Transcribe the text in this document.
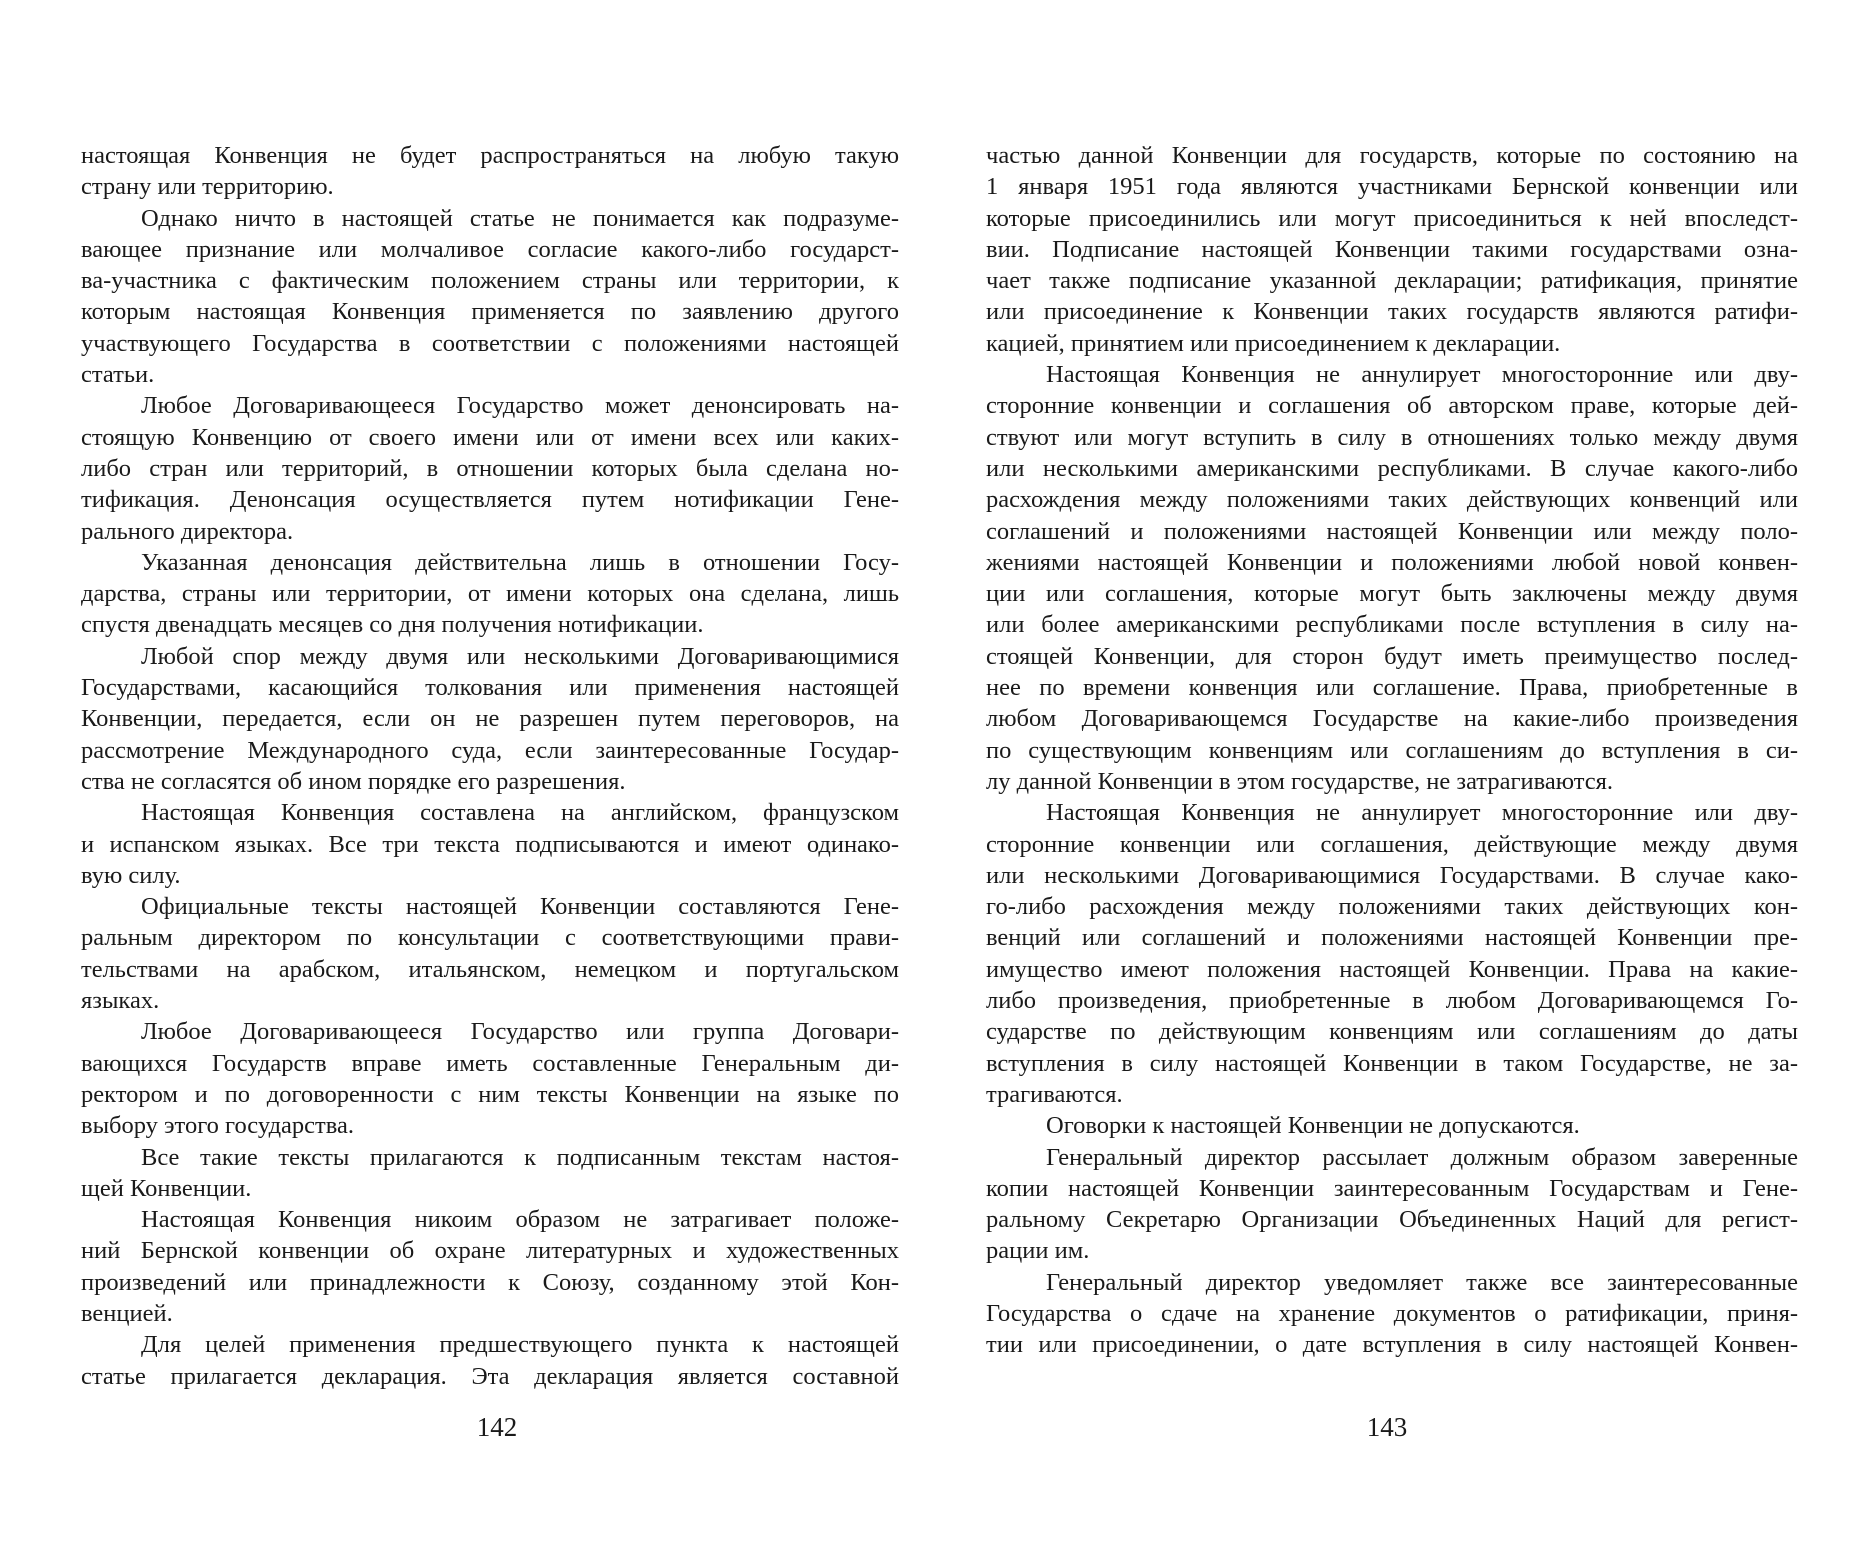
настоящая Конвенция не будет распространяться на любую такую
страну или территорию.
Однако ничто в настоящей статье не понимается как подразуме-
вающее признание или молчаливое согласие какого-либо государст-
ва-участника с фактическим положением страны или территории, к
которым настоящая Конвенция применяется по заявлению другого
участвующего Государства в соответствии с положениями настоящей
статьи.
Любое Договаривающееся Государство может денонсировать на-
стоящую Конвенцию от своего имени или от имени всех или каких-
либо стран или территорий, в отношении которых была сделана но-
тификация. Денонсация осуществляется путем нотификации Гене-
рального директора.
Указанная денонсация действительна лишь в отношении Госу-
дарства, страны или территории, от имени которых она сделана, лишь
спустя двенадцать месяцев со дня получения нотификации.
Любой спор между двумя или несколькими Договаривающимися
Государствами, касающийся толкования или применения настоящей
Конвенции, передается, если он не разрешен путем переговоров, на
рассмотрение Международного суда, если заинтересованные Государ-
ства не согласятся об ином порядке его разрешения.
Настоящая Конвенция составлена на английском, французском
и испанском языках. Все три текста подписываются и имеют одинако-
вую силу.
Официальные тексты настоящей Конвенции составляются Гене-
ральным директором по консультации с соответствующими прави-
тельствами на арабском, итальянском, немецком и португальском
языках.
Любое Договаривающееся Государство или группа Договари-
вающихся Государств вправе иметь составленные Генеральным ди-
ректором и по договоренности с ним тексты Конвенции на языке по
выбору этого государства.
Все такие тексты прилагаются к подписанным текстам настоя-
щей Конвенции.
Настоящая Конвенция никоим образом не затрагивает положе-
ний Бернской конвенции об охране литературных и художественных
произведений или принадлежности к Союзу, созданному этой Кон-
венцией.
Для целей применения предшествующего пункта к настоящей
статье прилагается декларация. Эта декларация является составной
частью данной Конвенции для государств, которые по состоянию на
1 января 1951 года являются участниками Бернской конвенции или
которые присоединились или могут присоединиться к ней впоследст-
вии. Подписание настоящей Конвенции такими государствами озна-
чает также подписание указанной декларации; ратификация, принятие
или присоединение к Конвенции таких государств являются ратифи-
кацией, принятием или присоединением к декларации.
Настоящая Конвенция не аннулирует многосторонние или дву-
сторонние конвенции и соглашения об авторском праве, которые дей-
ствуют или могут вступить в силу в отношениях только между двумя
или несколькими американскими республиками. В случае какого-либо
расхождения между положениями таких действующих конвенций или
соглашений и положениями настоящей Конвенции или между поло-
жениями настоящей Конвенции и положениями любой новой конвен-
ции или соглашения, которые могут быть заключены между двумя
или более американскими республиками после вступления в силу на-
стоящей Конвенции, для сторон будут иметь преимущество послед-
нее по времени конвенция или соглашение. Права, приобретенные в
любом Договаривающемся Государстве на какие-либо произведения
по существующим конвенциям или соглашениям до вступления в си-
лу данной Конвенции в этом государстве, не затрагиваются.
Настоящая Конвенция не аннулирует многосторонние или дву-
сторонние конвенции или соглашения, действующие между двумя
или несколькими Договаривающимися Государствами. В случае како-
го-либо расхождения между положениями таких действующих кон-
венций или соглашений и положениями настоящей Конвенции пре-
имущество имеют положения настоящей Конвенции. Права на какие-
либо произведения, приобретенные в любом Договаривающемся Го-
сударстве по действующим конвенциям или соглашениям до даты
вступления в силу настоящей Конвенции в таком Государстве, не за-
трагиваются.
Оговорки к настоящей Конвенции не допускаются.
Генеральный директор рассылает должным образом заверенные
копии настоящей Конвенции заинтересованным Государствам и Гене-
ральному Секретарю Организации Объединенных Наций для регист-
рации им.
Генеральный директор уведомляет также все заинтересованные
Государства о сдаче на хранение документов о ратификации, приня-
тии или присоединении, о дате вступления в силу настоящей Конвен-
142	143
